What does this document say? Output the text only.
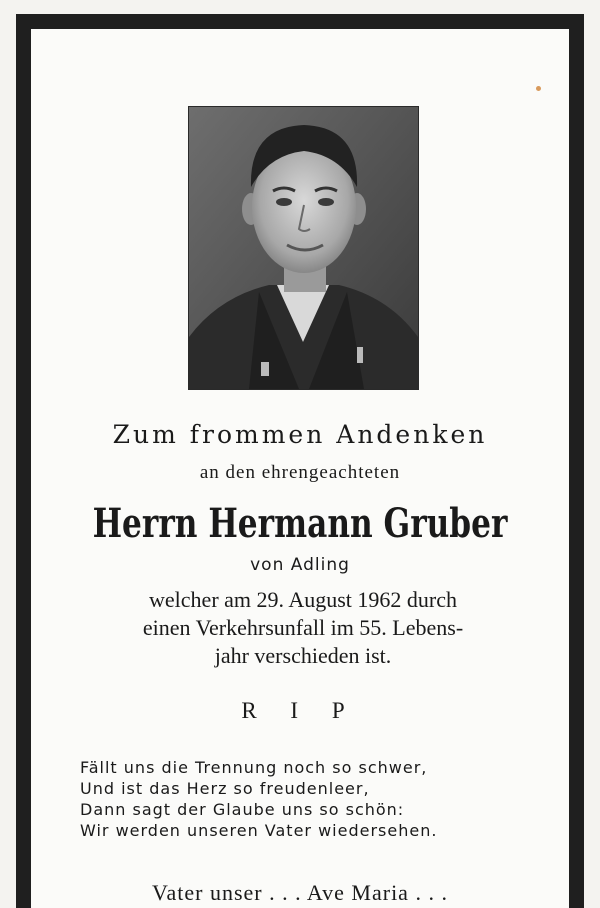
Zum frommen Andenken
an den ehrengeachteten
Herrn Hermann Gruber
von Adling
welcher am 29. August 1962 durch
einen Verkehrsunfall im 55. Lebens-
jahr verschieden ist.
R I P
Fällt uns die Trennung noch so schwer,
Und ist das Herz so freudenleer,
Dann sagt der Glaube uns so schön:
Wir werden unseren Vater wiedersehen.
Vater unser . . . Ave Maria . . .
